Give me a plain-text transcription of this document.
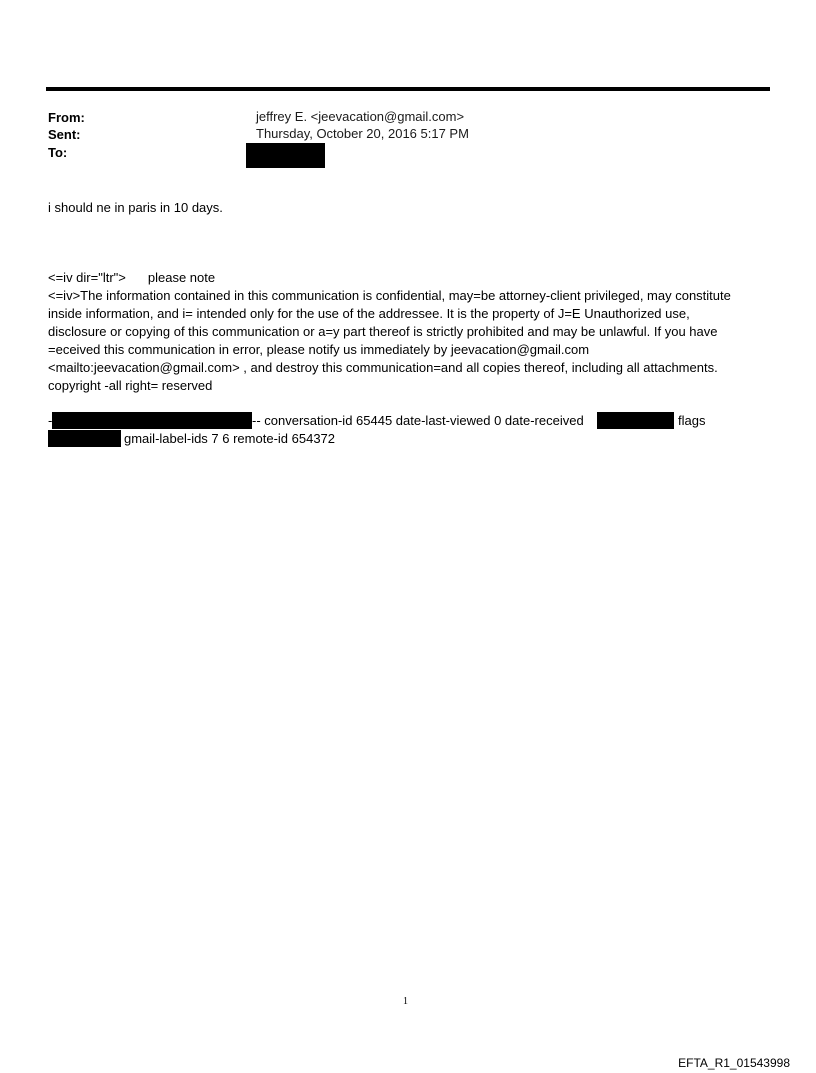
From:	jeffrey E. <jeevacation@gmail.com>
Sent:	Thursday, October 20, 2016 5:17 PM
To:
i should ne in paris in 10 days.
<=iv dir="ltr"> please note
<=iv>The information contained in this communication is confidential, may=be attorney-client privileged, may constitute
inside information, and i= intended only for the use of the addressee. It is the property of J=E Unauthorized use,
disclosure or copying of this communication or a=y part thereof is strictly prohibited and may be unlawful. If you have
=eceived this communication in error, please notify us immediately by jeevacation@gmail.com
<mailto:jeevacation@gmail.com> , and destroy this communication=and all copies thereof, including all attachments.
copyright -all right= reserved
-	-- conversation-id 65445 date-last-viewed 0 date-received	flags
gmail-label-ids 7 6 remote-id 654372
1
EFTA_R1_01543998
